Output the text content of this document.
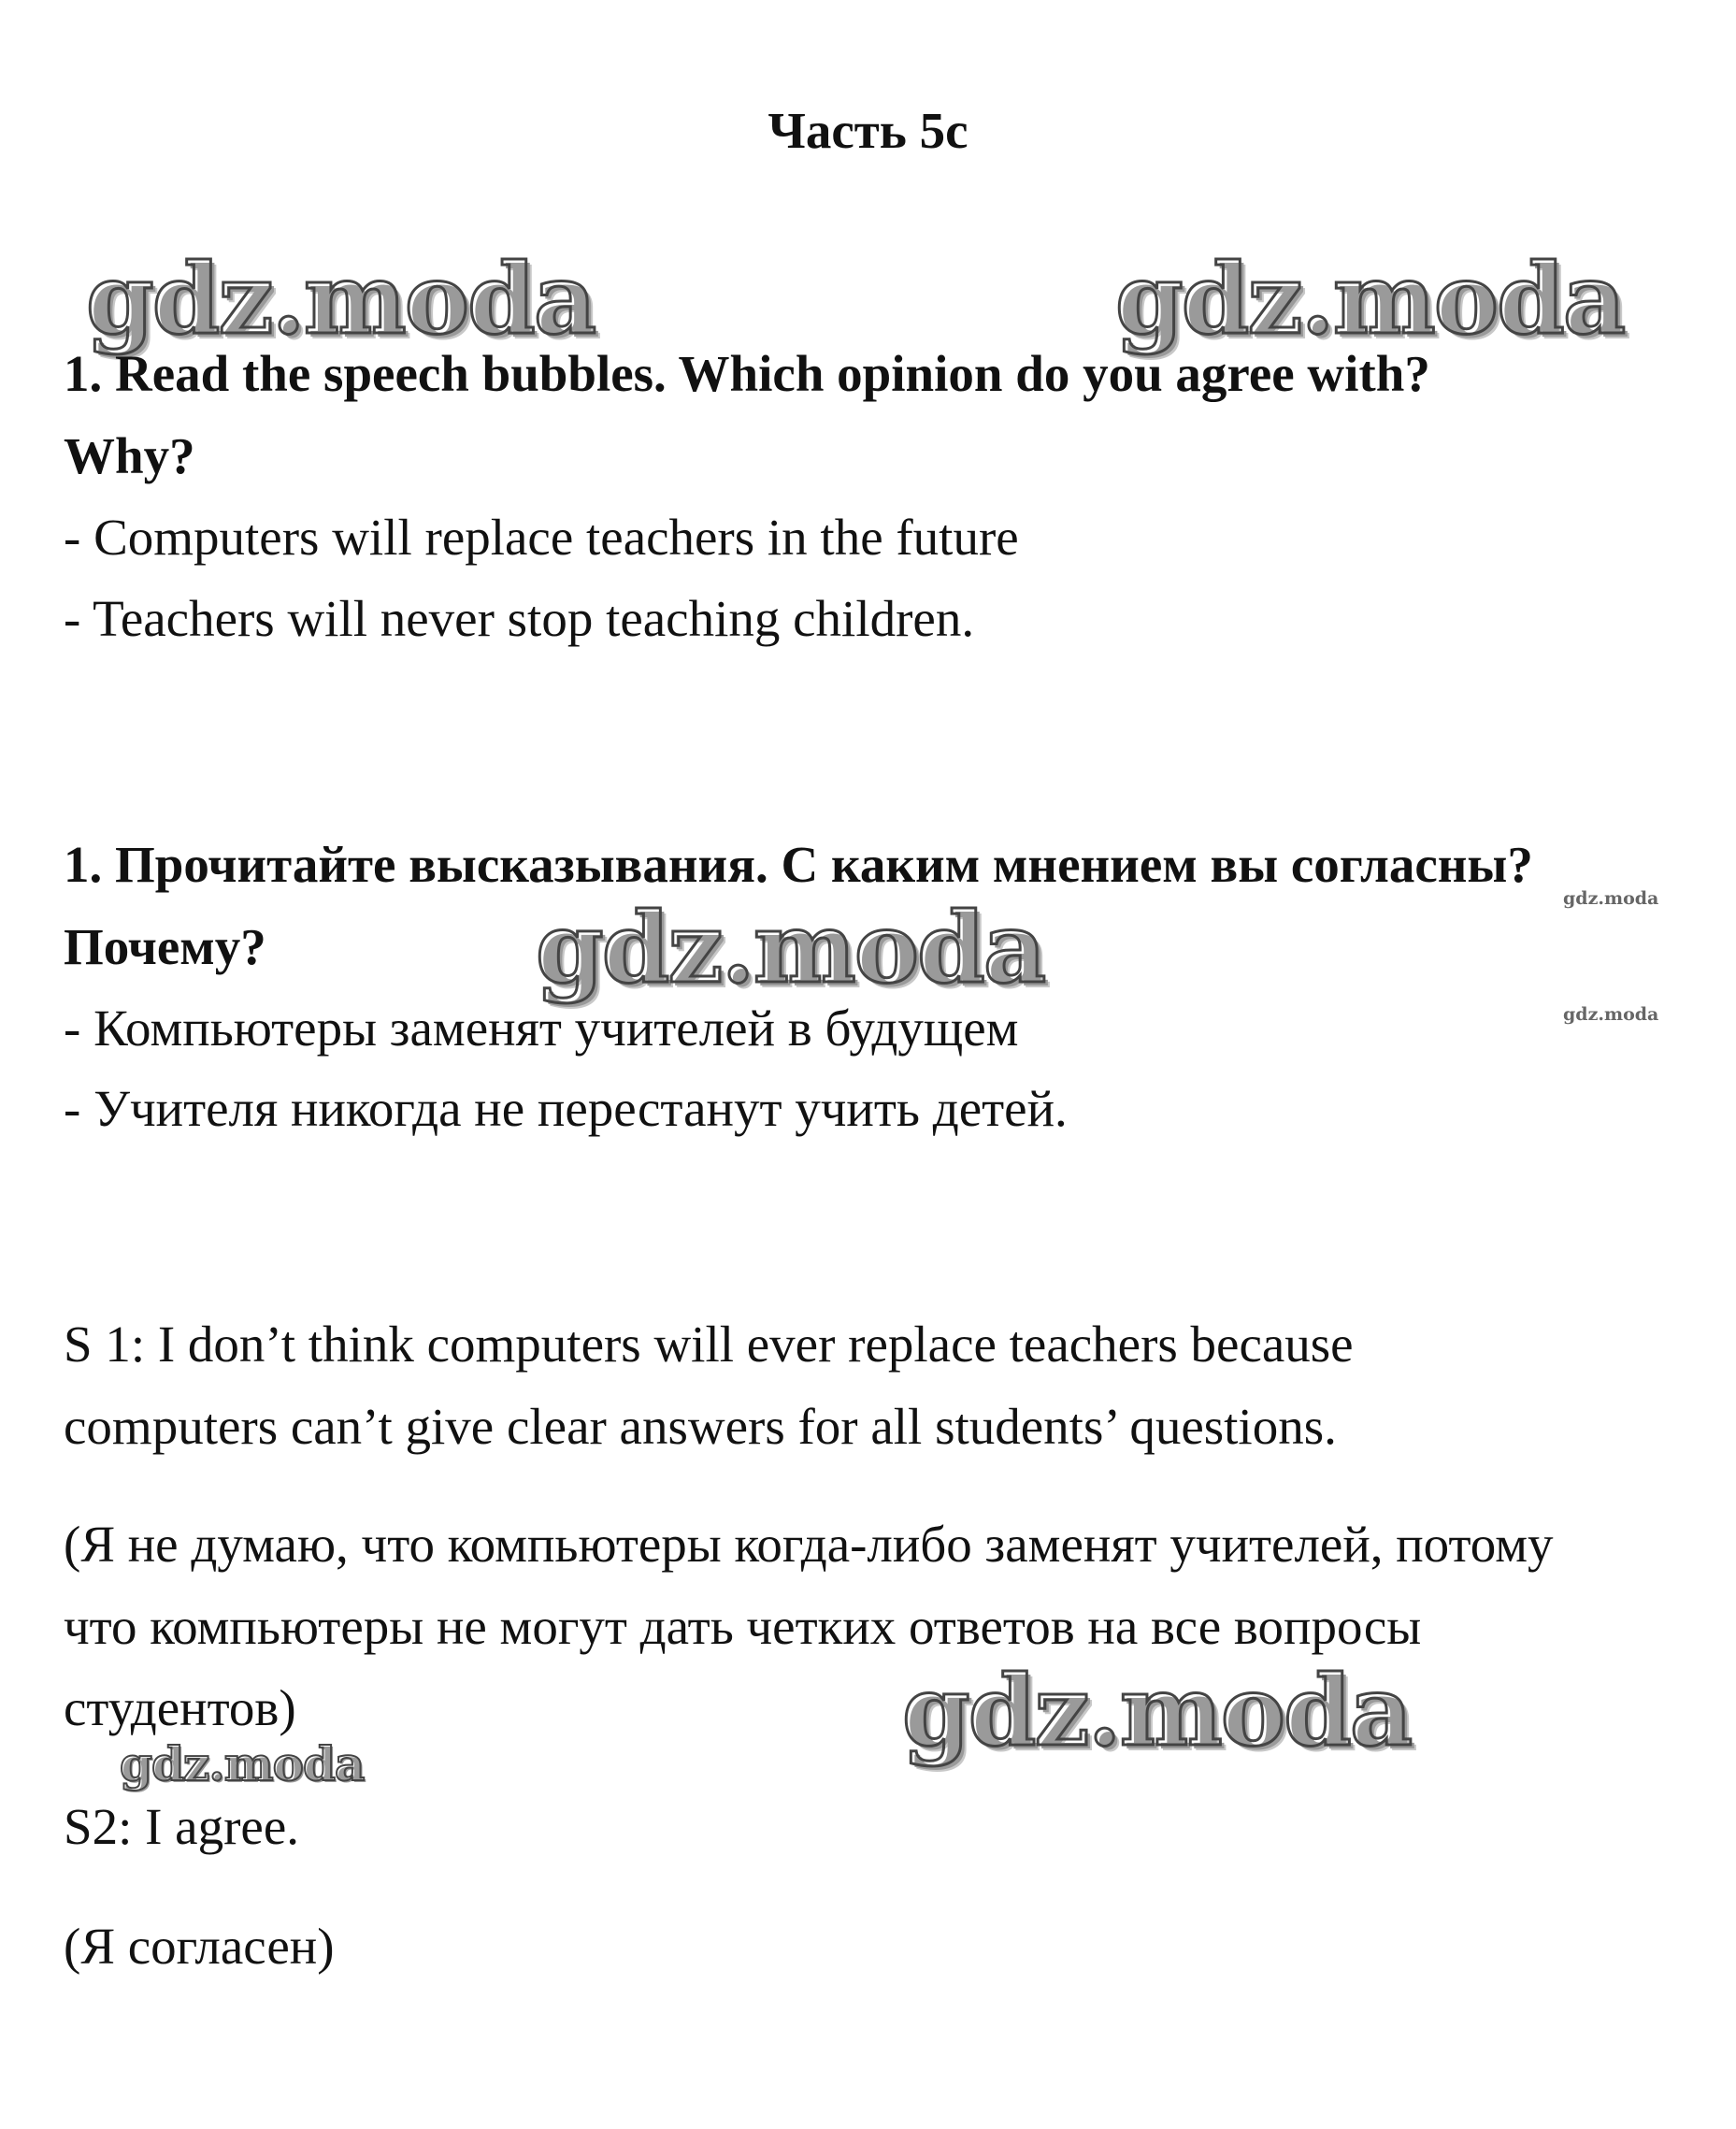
Часть 5с
gdz.moda	gdz.moda

1. Read the speech bubbles. Which opinion do you agree with?

Why?

- Computers will replace teachers in the future

- Teachers will never stop teaching children.

1. Прочитайте высказывания. С каким мнением вы согласны?

gdz.moda

Почему?	gdz.moda

- Компьютеры заменят учителей в будущем	gdz.moda

- Учителя никогда не перестанут учить детей.

S 1: I don’t think computers will ever replace teachers because

computers can’t give clear answers for all students’ questions.

(Я не думаю, что компьютеры когда-либо заменят учителей, потому

что компьютеры не могут дать четких ответов на все вопросы

студентов)	gdz.moda
gdz.moda

S2: I agree.

(Я согласен)
